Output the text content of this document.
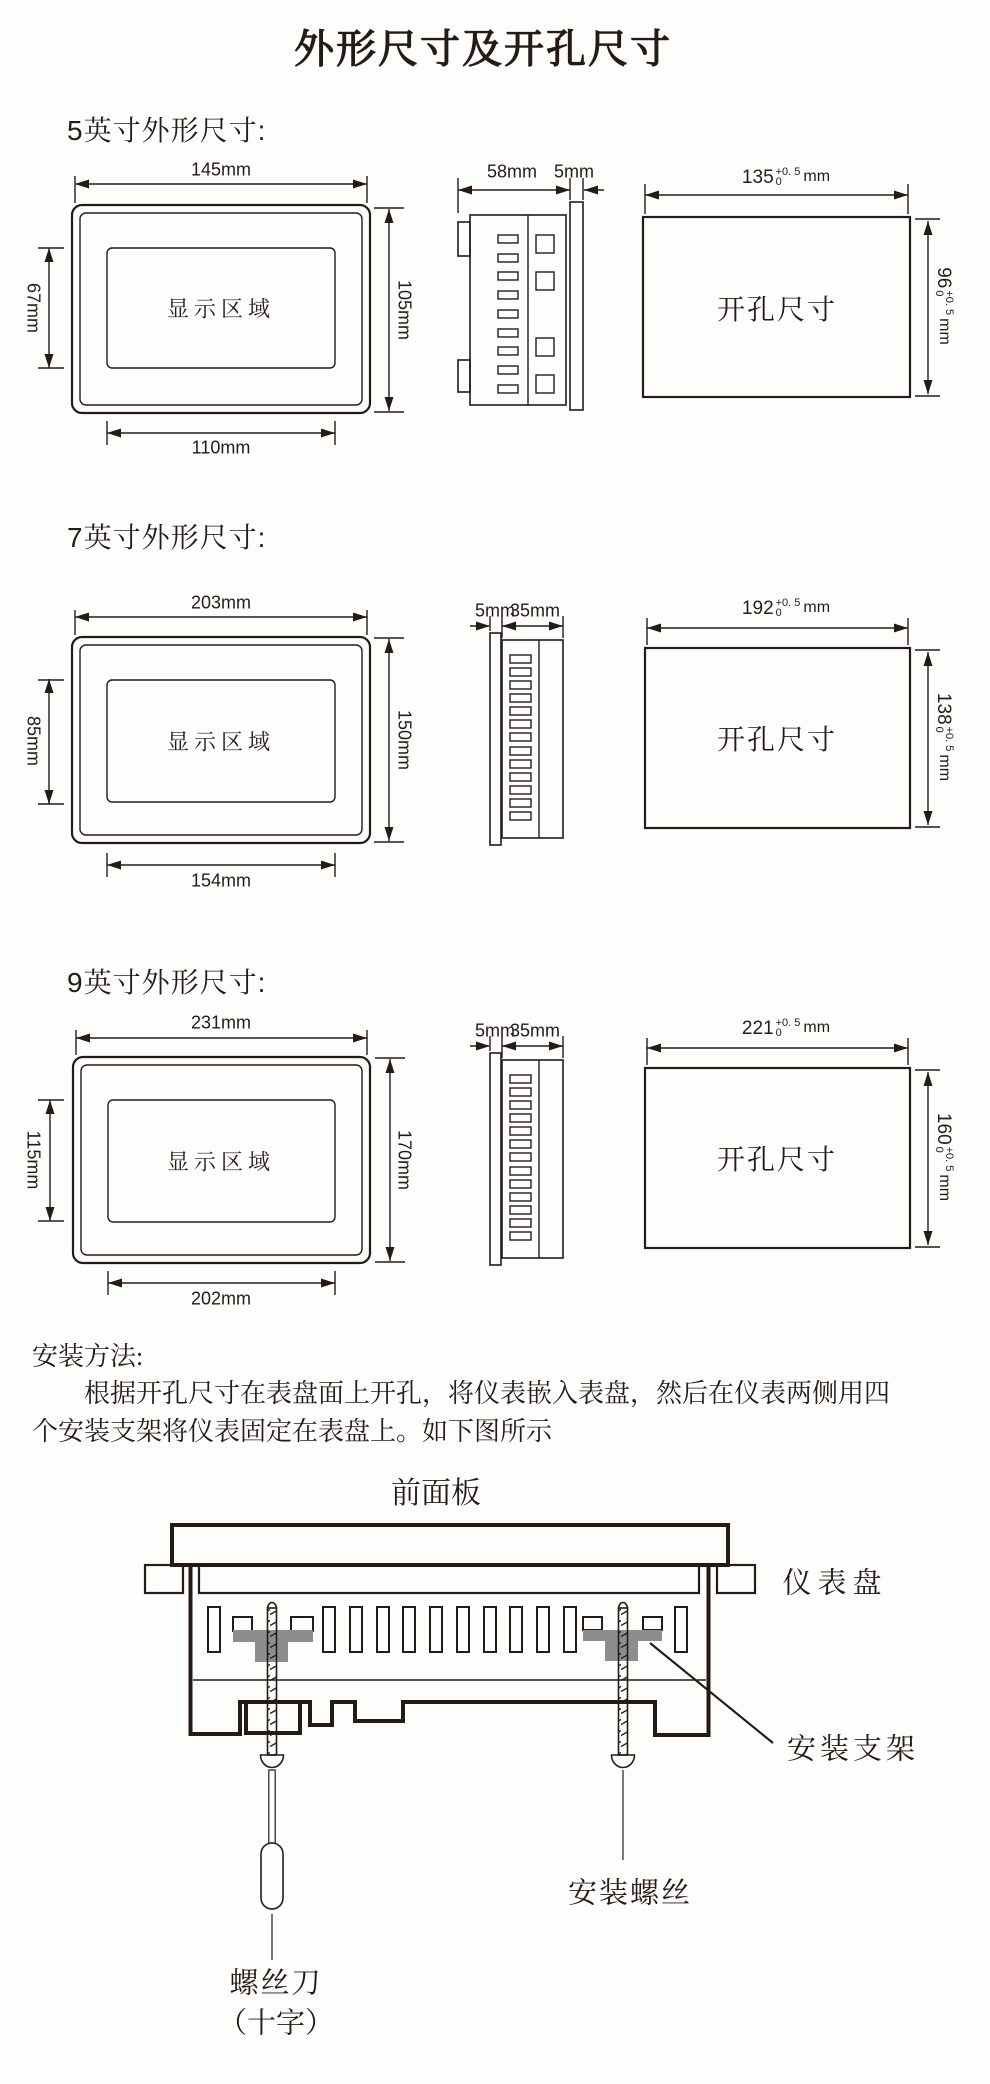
外形尺寸及开孔尺寸
5英寸外形尺寸:
7英寸外形尺寸:
9英寸外形尺寸:
145mm
110mm
67mm	105mm
显示区域
58mm 5mm
开孔尺寸
135 +0. 5
0 mm
96
+0. 5
0
mm
203mm
154mm
85mm	150mm
显示区域
5mm
35mm
开孔尺寸
192 +0. 5
0 mm
138
+0. 5
0
mm
231mm
202mm
115mm	170mm
显示区域
5mm
35mm
开孔尺寸
221 +0. 5
0 mm
160
+0. 5
0
mm
安装方法:
根据开孔尺寸在表盘面上开孔，将仪表嵌入表盘，然后在仪表两侧用四
个安装支架将仪表固定在表盘上。如下图所示
前面板
仪表盘
安装支架
安装螺丝
螺丝刀
（十字）
